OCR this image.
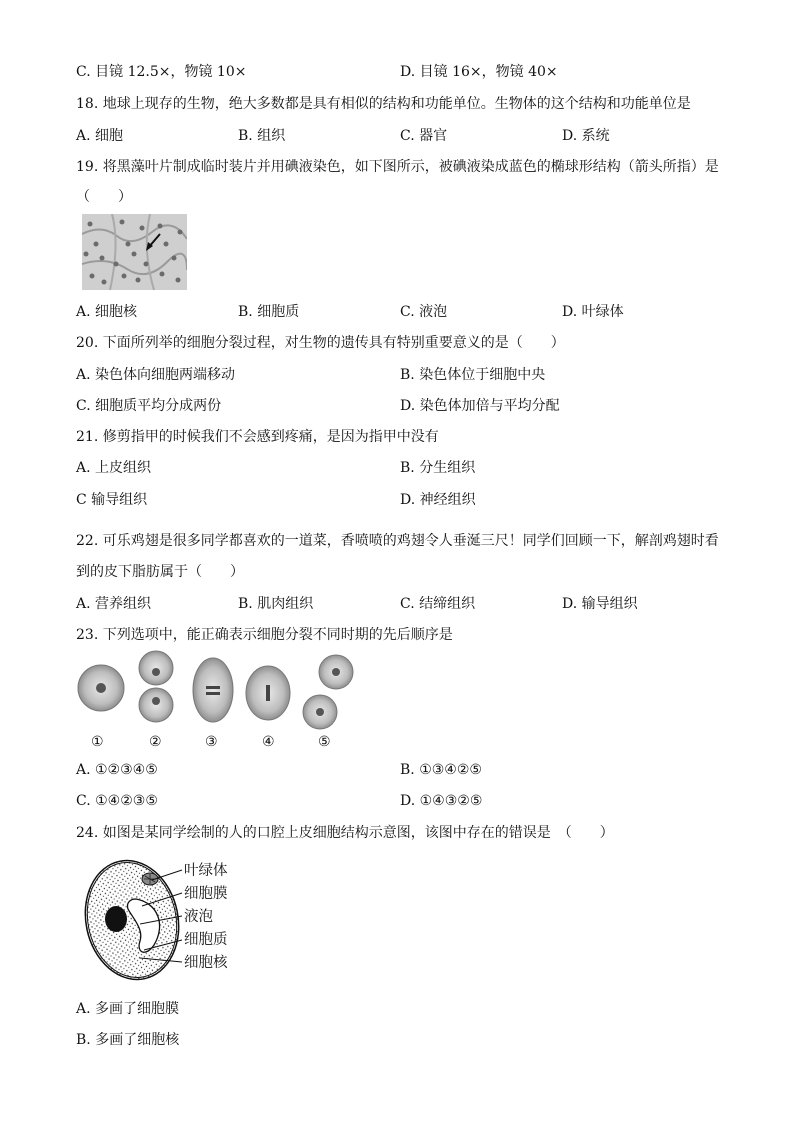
C. 目镜 12.5×，物镜 10×	D. 目镜 16×，物镜 40×
18. 地球上现存的生物，绝大多数都是具有相似的结构和功能单位。生物体的这个结构和功能单位是
A. 细胞	B. 组织	C. 器官	D. 系统
19. 将黑藻叶片制成临时装片并用碘液染色，如下图所示，被碘液染成蓝色的椭球形结构（箭头所指）是
（　　）
A. 细胞核	B. 细胞质	C. 液泡	D. 叶绿体
20. 下面所列举的细胞分裂过程，对生物的遗传具有特别重要意义的是（　　）
A. 染色体向细胞两端移动	B. 染色体位于细胞中央
C. 细胞质平均分成两份	D. 染色体加倍与平均分配
21. 修剪指甲的时候我们不会感到疼痛，是因为指甲中没有
A. 上皮组织	B. 分生组织
C 输导组织	D. 神经组织
22. 可乐鸡翅是很多同学都喜欢的一道菜，香喷喷的鸡翅令人垂涎三尺！同学们回顾一下，解剖鸡翅时看
到的皮下脂肪属于（　　）
A. 营养组织	B. 肌肉组织	C. 结缔组织	D. 输导组织
23. 下列选项中，能正确表示细胞分裂不同时期的先后顺序是
①	②	③	④	⑤
A. ①②③④⑤	B. ①③④②⑤
C. ①④②③⑤	D. ①④③②⑤
24. 如图是某同学绘制的人的口腔上皮细胞结构示意图，该图中存在的错误是　（　　）
叶绿体
细胞膜
液泡
细胞质
细胞核
A. 多画了细胞膜
B. 多画了细胞核
